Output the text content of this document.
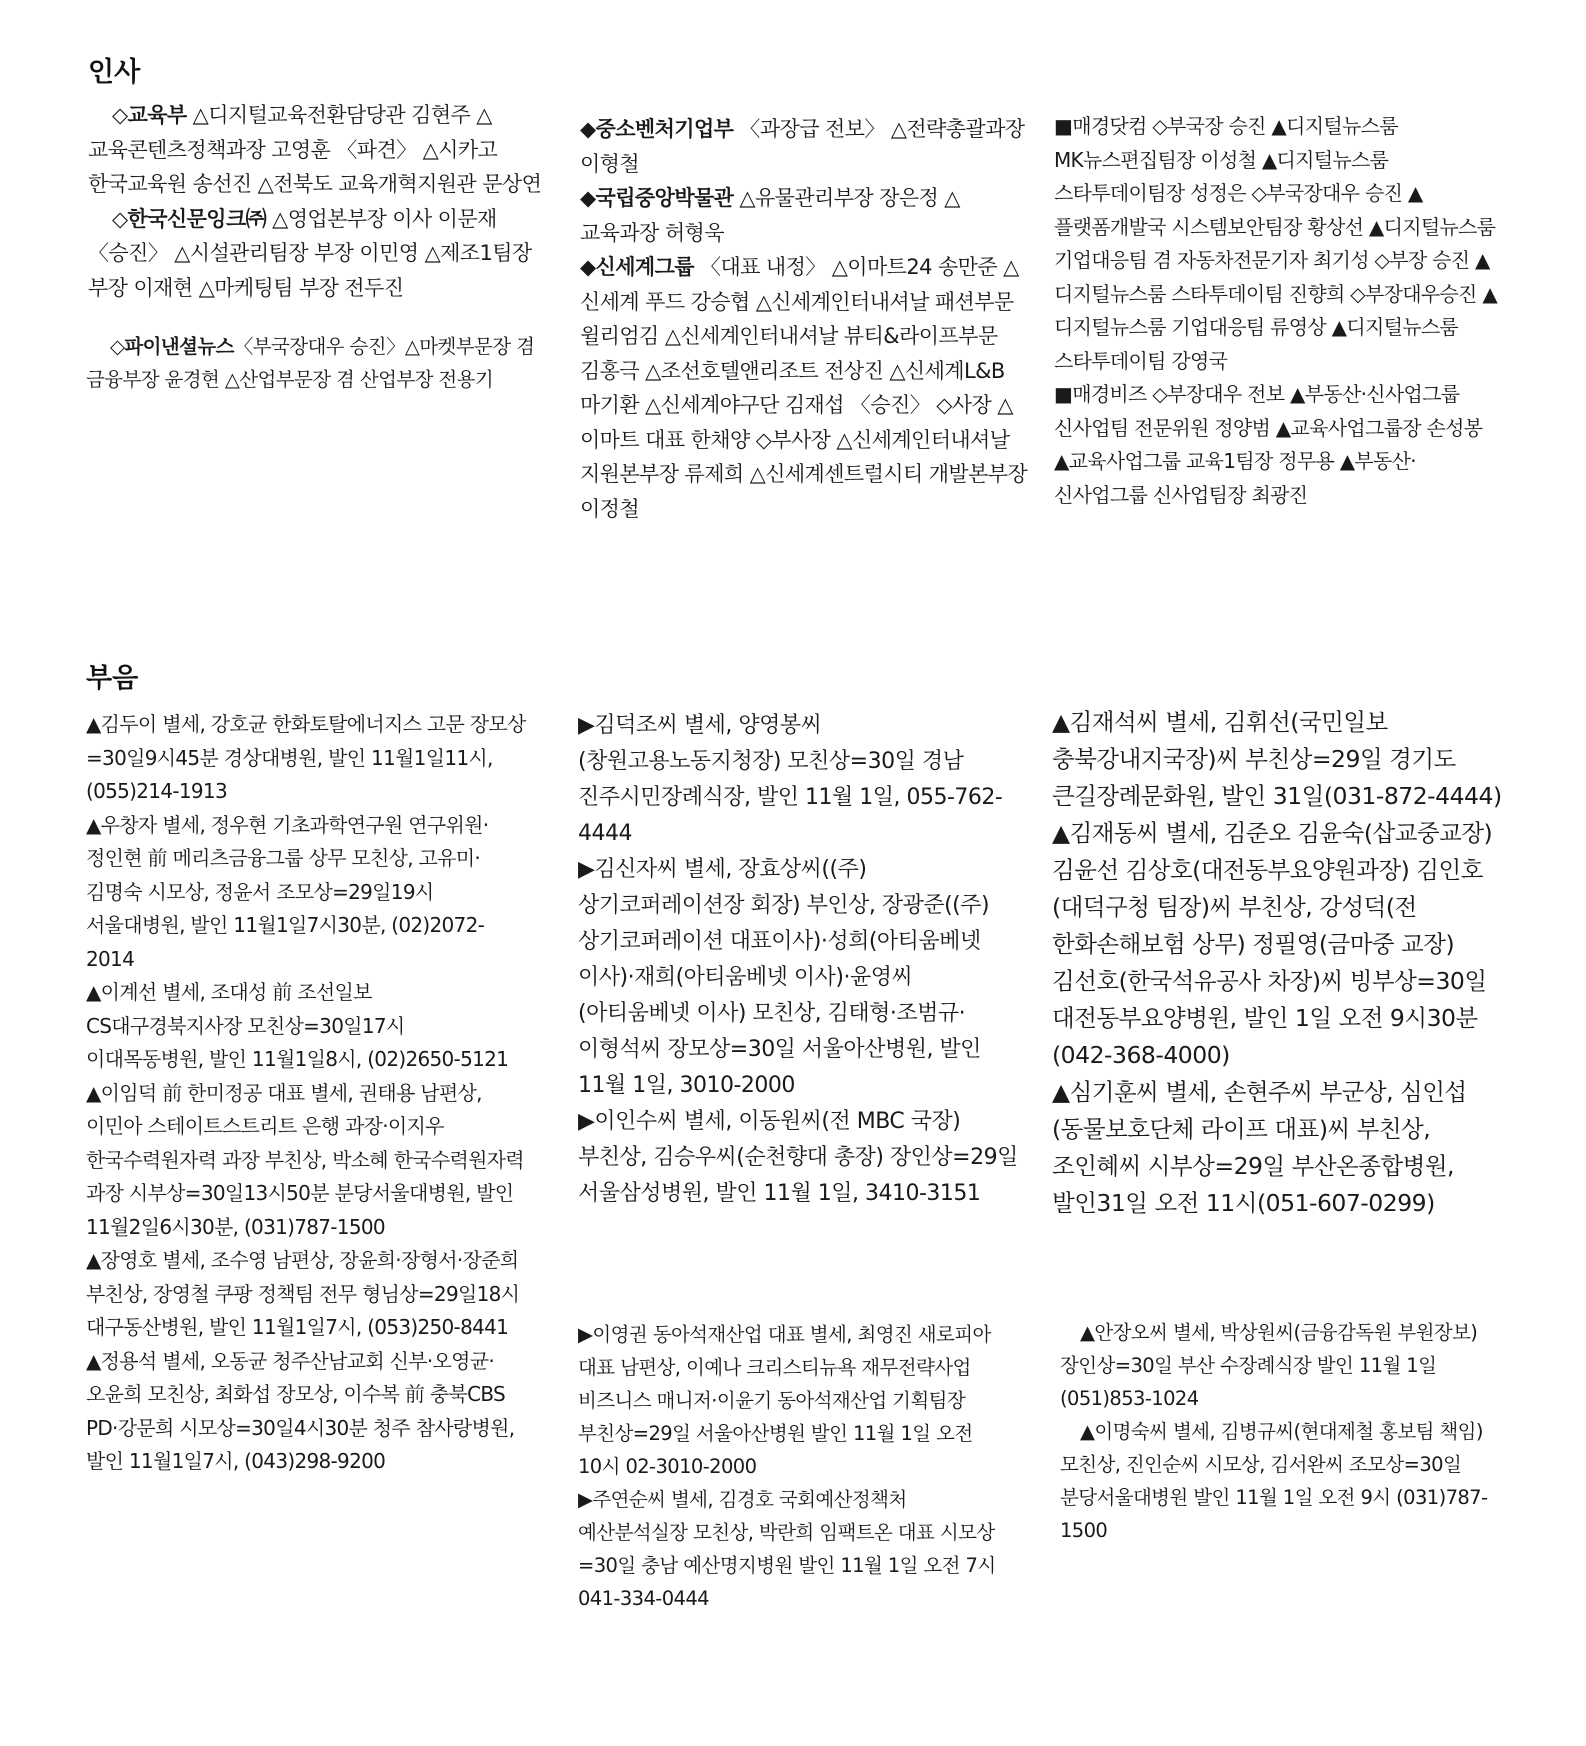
인사

◇교육부 △디지털교육전환담당관 김현주 △교육콘텐츠정책과장 고영훈 〈파견〉 △시카고 한국교육원 송선진 △전북도 교육개혁지원관 문상연

◇한국신문잉크㈜ △영업본부장 이사 이문재 〈승진〉 △시설관리팀장 부장 이민영 △제조1팀장 부장 이재현 △마케팅팀 부장 전두진

◇파이낸셜뉴스〈부국장대우 승진〉△마켓부문장 겸 금융부장 윤경현 △산업부문장 겸 산업부장 전용기

◆중소벤처기업부 〈과장급 전보〉 △전략총괄과장 이형철

◆국립중앙박물관 △유물관리부장 장은정 △교육과장 허형욱

◆신세계그룹 〈대표 내정〉 △이마트24 송만준 △신세계 푸드 강승협 △신세계인터내셔날 패션부문 윌리엄김 △신세계인터내셔날 뷰티&라이프부문 김홍극 △조선호텔앤리조트 전상진 △신세계L&B 마기환 △신세계야구단 김재섭 〈승진〉 ◇사장 △이마트 대표 한채양 ◇부사장 △신세계인터내셔날 지원본부장 류제희 △신세계센트럴시티 개발본부장 이정철

■매경닷컴 ◇부국장 승진 ▲디지털뉴스룸 MK뉴스편집팀장 이성철 ▲디지털뉴스룸 스타투데이팀장 성정은 ◇부국장대우 승진 ▲플랫폼개발국 시스템보안팀장 황상선 ▲디지털뉴스룸 기업대응팀 겸 자동차전문기자 최기성 ◇부장 승진 ▲디지털뉴스룸 스타투데이팀 진향희 ◇부장대우승진 ▲디지털뉴스룸 기업대응팀 류영상 ▲디지털뉴스룸 스타투데이팀 강영국

■매경비즈 ◇부장대우 전보 ▲부동산·신사업그룹 신사업팀 전문위원 정양범 ▲교육사업그룹장 손성봉 ▲교육사업그룹 교육1팀장 정무용 ▲부동산·신사업그룹 신사업팀장 최광진

부음

▲김두이 별세, 강호균 한화토탈에너지스 고문 장모상=30일9시45분 경상대병원, 발인 11월1일11시, (055)214-1913

▲우창자 별세, 정우현 기초과학연구원 연구위원·정인현 前 메리츠금융그룹 상무 모친상, 고유미·김명숙 시모상, 정윤서 조모상=29일19시 서울대병원, 발인 11월1일7시30분, (02)2072-2014

▲이계선 별세, 조대성 前 조선일보 CS대구경북지사장 모친상=30일17시 이대목동병원, 발인 11월1일8시, (02)2650-5121

▲이임덕 前 한미정공 대표 별세, 권태용 남편상, 이민아 스테이트스트리트 은행 과장·이지우 한국수력원자력 과장 부친상, 박소혜 한국수력원자력 과장 시부상=30일13시50분 분당서울대병원, 발인 11월2일6시30분, (031)787-1500

▲장영호 별세, 조수영 남편상, 장윤희·장형서·장준희 부친상, 장영철 쿠팡 정책팀 전무 형님상=29일18시 대구동산병원, 발인 11월1일7시, (053)250-8441

▲정용석 별세, 오동균 청주산남교회 신부·오영균·오윤희 모친상, 최화섭 장모상, 이수복 前 충북CBS PD·강문희 시모상=30일4시30분 청주 참사랑병원, 발인 11월1일7시, (043)298-9200

▶김덕조씨 별세, 양영봉씨(창원고용노동지청장) 모친상=30일 경남 진주시민장례식장, 발인 11월 1일, 055-762-4444

▶김신자씨 별세, 장효상씨((주)상기코퍼레이션장 회장) 부인상, 장광준((주)상기코퍼레이션 대표이사)·성희(아티움베넷 이사)·재희(아티움베넷 이사)·윤영씨(아티움베넷 이사) 모친상, 김태형·조범규·이형석씨 장모상=30일 서울아산병원, 발인 11월 1일, 3010-2000

▶이인수씨 별세, 이동원씨(전 MBC 국장) 부친상, 김승우씨(순천향대 총장) 장인상=29일 서울삼성병원, 발인 11월 1일, 3410-3151

▶이영권 동아석재산업 대표 별세, 최영진 새로피아 대표 남편상, 이예나 크리스티뉴욕 재무전략사업 비즈니스 매니저·이윤기 동아석재산업 기획팀장 부친상=29일 서울아산병원 발인 11월 1일 오전 10시 02-3010-2000

▶주연순씨 별세, 김경호 국회예산정책처 예산분석실장 모친상, 박란희 임팩트온 대표 시모상=30일 충남 예산명지병원 발인 11월 1일 오전 7시 041-334-0444

▲김재석씨 별세, 김휘선(국민일보 충북강내지국장)씨 부친상=29일 경기도 큰길장례문화원, 발인 31일(031-872-4444)

▲김재동씨 별세, 김준오 김윤숙(삽교중교장) 김윤선 김상호(대전동부요양원과장) 김인호(대덕구청 팀장)씨 부친상, 강성덕(전 한화손해보험 상무) 정필영(금마중 교장) 김선호(한국석유공사 차장)씨 빙부상=30일 대전동부요양병원, 발인 1일 오전 9시30분(042-368-4000)

▲심기훈씨 별세, 손현주씨 부군상, 심인섭(동물보호단체 라이프 대표)씨 부친상, 조인혜씨 시부상=29일 부산온종합병원, 발인31일 오전 11시(051-607-0299)

▲안장오씨 별세, 박상원씨(금융감독원 부원장보)장인상=30일 부산 수장례식장 발인 11월 1일 (051)853-1024

▲이명숙씨 별세, 김병규씨(현대제철 홍보팀 책임)모친상, 진인순씨 시모상, 김서완씨 조모상=30일 분당서울대병원 발인 11월 1일 오전 9시 (031)787-1500
